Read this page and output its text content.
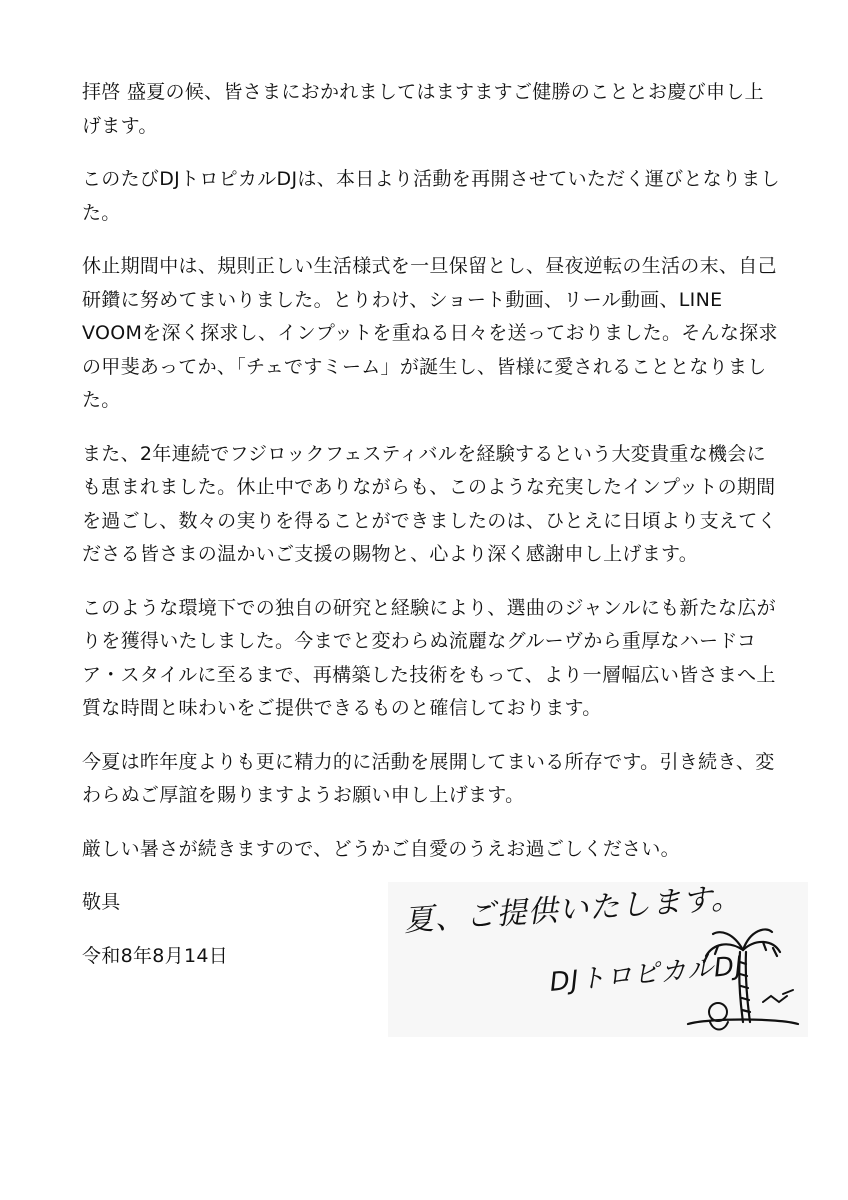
拝啓 盛夏の候、皆さまにおかれましてはますますご健勝のこととお慶び申し上げます。

このたびDJトロピカルDJは、本日より活動を再開させていただく運びとなりました。

休止期間中は、規則正しい生活様式を一旦保留とし、昼夜逆転の生活の末、自己研鑽に努めてまいりました。とりわけ、ショート動画、リール動画、LINE VOOMを深く探求し、インプットを重ねる日々を送っておりました。そんな探求の甲斐あってか、「チェですミーム」が誕生し、皆様に愛されることとなりました。

また、2年連続でフジロックフェスティバルを経験するという大変貴重な機会にも恵まれました。休止中でありながらも、このような充実したインプットの期間を過ごし、数々の実りを得ることができましたのは、ひとえに日頃より支えてくださる皆さまの温かいご支援の賜物と、心より深く感謝申し上げます。

このような環境下での独自の研究と経験により、選曲のジャンルにも新たな広がりを獲得いたしました。今までと変わらぬ流麗なグルーヴから重厚なハードコア・スタイルに至るまで、再構築した技術をもって、より一層幅広い皆さまへ上質な時間と味わいをご提供できるものと確信しております。

今夏は昨年度よりも更に精力的に活動を展開してまいる所存です。引き続き、変わらぬご厚誼を賜りますようお願い申し上げます。

厳しい暑さが続きますので、どうかご自愛のうえお過ごしください。

敬具

令和8年8月14日

夏、ご提供いたします。
DJトロピカルDJ
